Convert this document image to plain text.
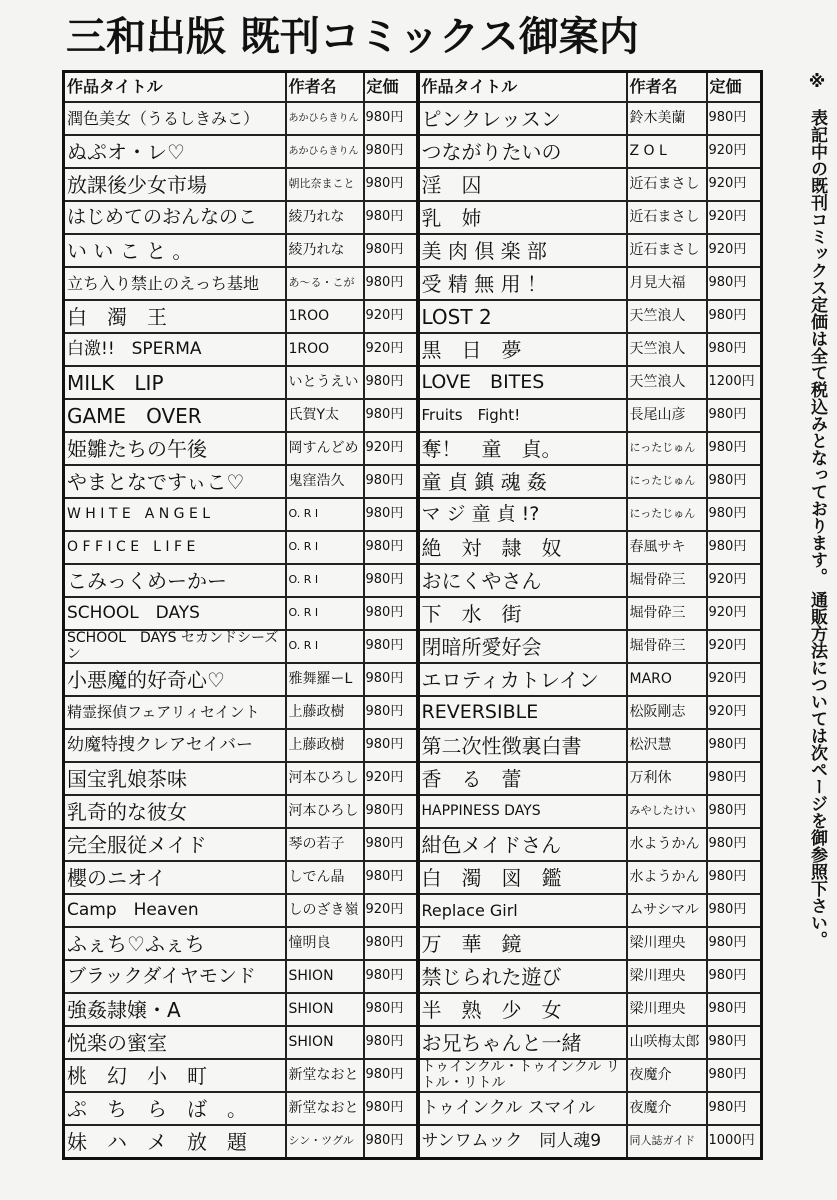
三和出版 既刊コミックス御案内
作品タイトル	作者名	定価	作品タイトル	作者名	定価
潤色美女（うるしきみこ）	あかひらきりん	980円	ピンクレッスン	鈴木美蘭	980円
ぬぷオ・レ♡	あかひらきりん	980円	つながりたいの	Z O L	920円
放課後少女市場	朝比奈まこと	980円	淫　囚	近石まさし	920円
はじめてのおんなのこ	綾乃れな	980円	乳　姉	近石まさし	920円
い い こ と 。	綾乃れな	980円	美 肉 倶 楽 部	近石まさし	920円
立ち入り禁止のえっち基地	あ〜る・こが	980円	受 精 無 用 ！	月見大福	980円
白　濁　王	1ROO	920円	LOST 2	天竺浪人	980円
白激!!　SPERMA	1ROO	920円	黒　日　夢	天竺浪人	980円
MILK　LIP	いとうえい	980円	LOVE　BITES	天竺浪人	1200円
GAME　OVER	氏賀Y太	980円	Fruits　Fight!	長尾山彦	980円
姫雛たちの午後	岡すんどめ	920円	奪！　童　貞。	にったじゅん	980円
やまとなですぃこ♡	鬼窪浩久	980円	童 貞 鎮 魂 姦	にったじゅん	980円
W H I T E　A N G E L	O. R I	980円	マ ジ 童 貞 !?	にったじゅん	980円
O F F I C E　L I F E	O. R I	980円	絶　対　隷　奴	春風サキ	980円
こみっくめーかー	O. R I	980円	おにくやさん	堀骨砕三	920円
SCHOOL　DAYS	O. R I	980円	下　水　街	堀骨砕三	920円
SCHOOL　DAYS セカンドシーズン	O. R I	980円	閉暗所愛好会	堀骨砕三	920円
小悪魔的好奇心♡	雅舞羅ーL	980円	エロティカトレイン	MARO	920円
精霊探偵フェアリィセイント	上藤政樹	980円	REVERSIBLE	松阪剛志	920円
幼魔特捜クレアセイバー	上藤政樹	980円	第二次性徴裏白書	松沢慧	980円
国宝乳娘茶味	河本ひろし	920円	香　る　蕾	万利休	980円
乳奇的な彼女	河本ひろし	980円	HAPPINESS DAYS	みやしたけい	980円
完全服従メイド	琴の若子	980円	紺色メイドさん	水ようかん	980円
櫻のニオイ	しでん晶	980円	白　濁　図　鑑	水ようかん	980円
Camp　Heaven	しのざき嶺	920円	Replace Girl	ムサシマル	980円
ふぇち♡ふぇち	憧明良	980円	万　華　鏡	梁川理央	980円
ブラックダイヤモンド	SHION	980円	禁じられた遊び	梁川理央	980円
強姦隷嬢・A	SHION	980円	半　熟　少　女	梁川理央	980円
悦楽の蜜室	SHION	980円	お兄ちゃんと一緒	山咲梅太郎	980円
桃　幻　小　町	新堂なおと	980円	トゥインクル・トゥインクル リトル・リトル	夜魔介	980円
ぷ　ち　ら　ば　。	新堂なおと	980円	トゥインクル スマイル	夜魔介	980円
妹　ハ　メ　放　題	シン・ツグル	980円	サンワムック　同人魂9	同人誌ガイド	1000円
※　表記中の既刊コミックス定価は全て税込みとなっております。 通販方法については次ページを御参照下さい。
